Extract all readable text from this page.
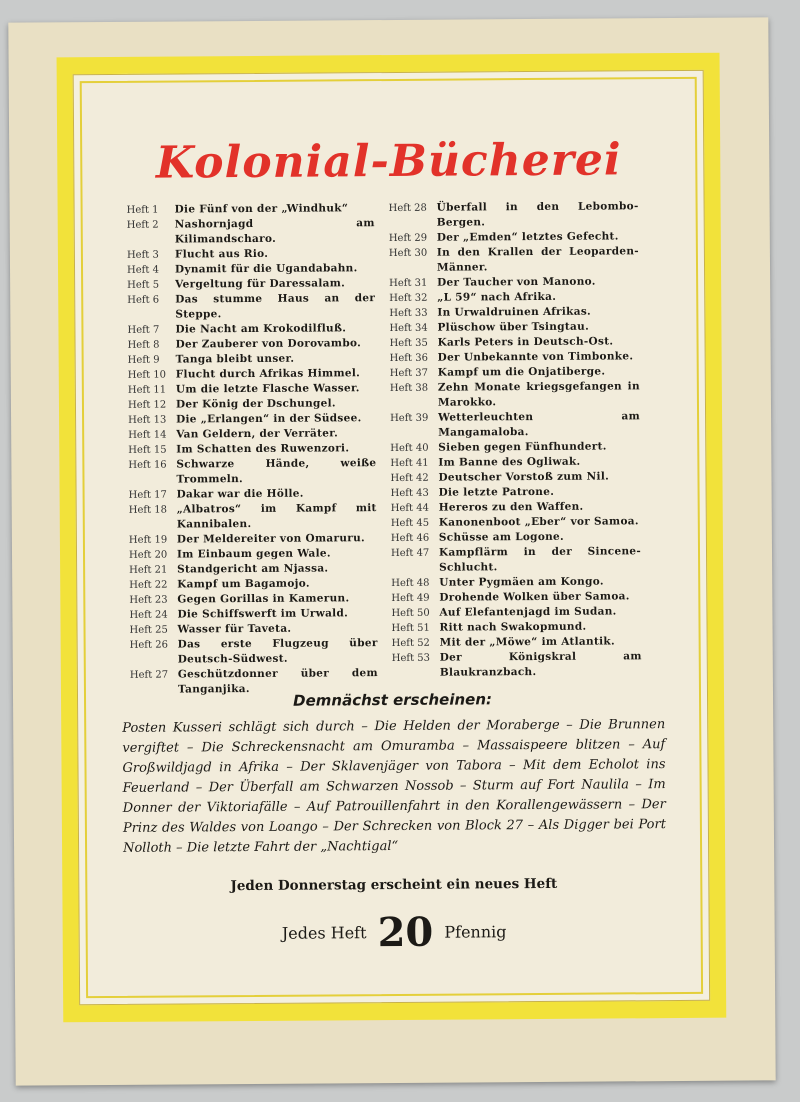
Kolonial-Bücherei
Heft 1	Die Fünf von der „Windhuk“
Heft 2	Nashornjagd am Kilimandscharo.
Heft 3	Flucht aus Rio.
Heft 4	Dynamit für die Ugandabahn.
Heft 5	Vergeltung für Daressalam.
Heft 6	Das stumme Haus an der Steppe.
Heft 7	Die Nacht am Krokodilfluß.
Heft 8	Der Zauberer von Dorovambo.
Heft 9	Tanga bleibt unser.
Heft 10 Flucht durch Afrikas Himmel.
Heft 11 Um die letzte Flasche Wasser.
Heft 12 Der König der Dschungel.
Heft 13 Die „Erlangen“ in der Südsee.
Heft 14 Van Geldern, der Verräter.
Heft 15 Im Schatten des Ruwenzori.
Heft 16 Schwarze Hände, weiße Trommeln.
Heft 17 Dakar war die Hölle.
Heft 18 „Albatros“ im Kampf mit Kannibalen.
Heft 19 Der Meldereiter von Omaruru.
Heft 20 Im Einbaum gegen Wale.
Heft 21 Standgericht am Njassa.
Heft 22 Kampf um Bagamojo.
Heft 23 Gegen Gorillas in Kamerun.
Heft 24 Die Schiffswerft im Urwald.
Heft 25 Wasser für Taveta.
Heft 26 Das erste Flugzeug über Deutsch-Südwest.
Heft 27 Geschützdonner über dem Tanganjika.
Heft 28 Überfall in den Lebombo-Bergen.
Heft 29 Der „Emden“ letztes Gefecht.
Heft 30 In den Krallen der Leoparden-Männer.
Heft 31 Der Taucher von Manono.
Heft 32 „L 59“ nach Afrika.
Heft 33 In Urwaldruinen Afrikas.
Heft 34 Plüschow über Tsingtau.
Heft 35 Karls Peters in Deutsch-Ost.
Heft 36 Der Unbekannte von Timbonke.
Heft 37 Kampf um die Onjatiberge.
Heft 38 Zehn Monate kriegsgefangen in Marokko.
Heft 39 Wetterleuchten am Mangamaloba.
Heft 40 Sieben gegen Fünfhundert.
Heft 41 Im Banne des Ogliwak.
Heft 42 Deutscher Vorstoß zum Nil.
Heft 43 Die letzte Patrone.
Heft 44 Hereros zu den Waffen.
Heft 45 Kanonenboot „Eber“ vor Samoa.
Heft 46 Schüsse am Logone.
Heft 47 Kampflärm in der Sincene-Schlucht.
Heft 48 Unter Pygmäen am Kongo.
Heft 49 Drohende Wolken über Samoa.
Heft 50 Auf Elefantenjagd im Sudan.
Heft 51 Ritt nach Swakopmund.
Heft 52 Mit der „Möwe“ im Atlantik.
Heft 53 Der Königskral am Blaukranzbach.
Demnächst erscheinen:
Posten Kusseri schlägt sich durch – Die Helden der Moraberge – Die Brunnen vergiftet – Die Schreckensnacht am Omuramba – Massaispeere blitzen – Auf Großwildjagd in Afrika – Der Sklavenjäger von Tabora – Mit dem Echolot ins Feuerland – Der Überfall am Schwarzen Nossob – Sturm auf Fort Naulila – Im Donner der Viktoriafälle – Auf Patrouillenfahrt in den Korallengewässern – Der Prinz des Waldes von Loango – Der Schrecken von Block 27 – Als Digger bei Port Nolloth – Die letzte Fahrt der „Nachtigal“
Jeden Donnerstag erscheint ein neues Heft
Jedes Heft 20 Pfennig
